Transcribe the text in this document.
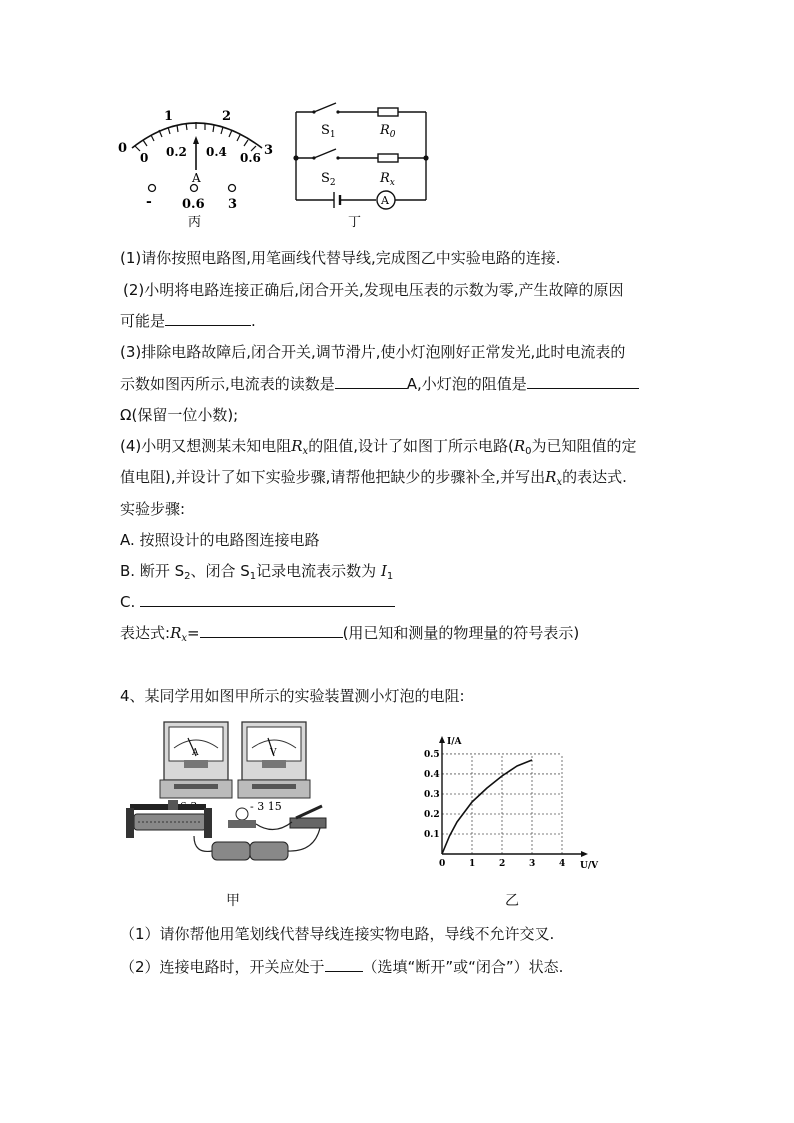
0
1	2
3
0 0.2 0.4 0.6
A
- 0.6 3
丙
$S_1$	$R_0$
$S_2$	$R_x$
A
丁
(1)请你按照电路图,用笔画线代替导线,完成图乙中实验电路的连接.
(2)小明将电路连接正确后,闭合开关,发现电压表的示数为零,产生故障的原因
可能是	.
(3)排除电路故障后,闭合开关,调节滑片,使小灯泡刚好正常发光,此时电流表的
示数如图丙所示,电流表的读数是	A,小灯泡的阻值是
Ω(保留一位小数);
(4)小明又想测某未知电阻$R_x$的阻值,设计了如图丁所示电路($R_0$为已知阻值的定
值电阻),并设计了如下实验步骤,请帮他把缺少的步骤补全,并写出$R_x$的表达式.
实验步骤:
A. 按照设计的电路图连接电路
B. 断开 $S_2$、闭合 $S_1$记录电流表示数为 $I_1$
C.
表达式$:R_x=$	(用已知和测量的物理量的符号表示)
4、某同学用如图甲所示的实验装置测小灯泡的电阻:
A	V
- 3 15
甲
0	1	2	3	4
0.1
0.2
0.3
0.4
0.5
U/V
I/A
乙
（1）请你帮他用笔划线代替导线连接实物电路，导线不允许交叉.
（2）连接电路时，开关应处于	（选填“断开”或“闭合”）状态.
